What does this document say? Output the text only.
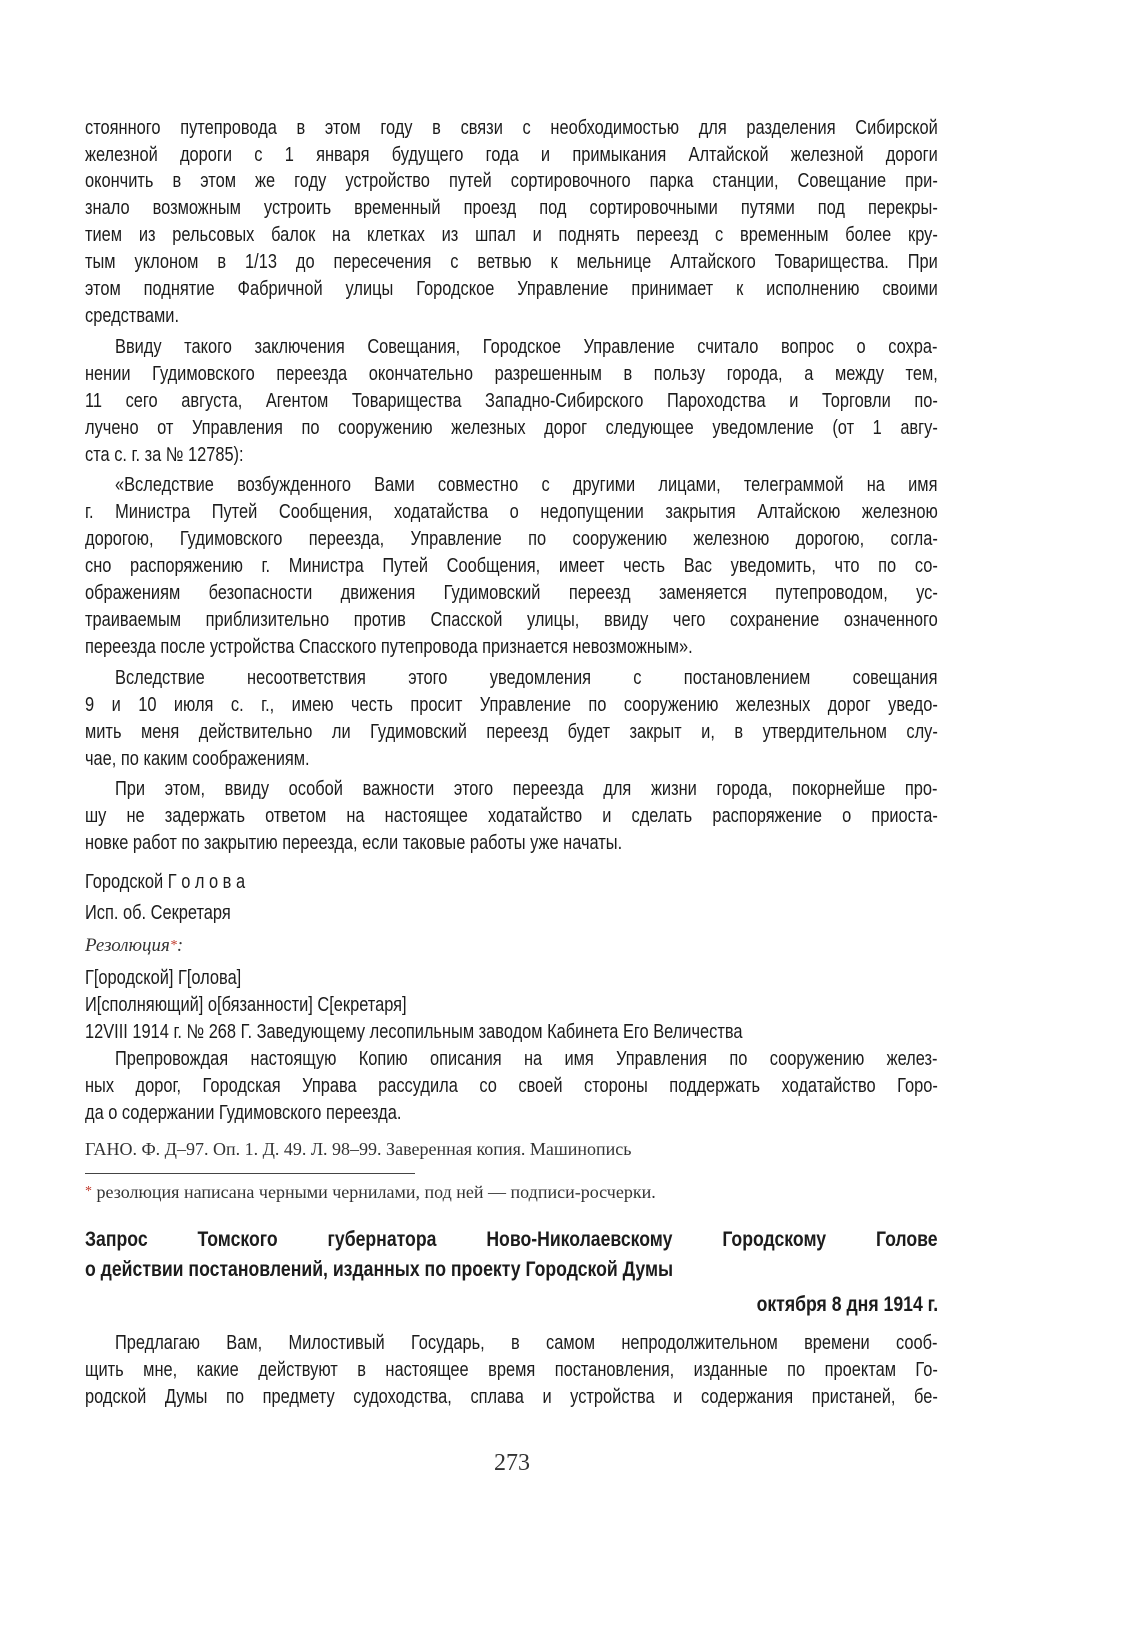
Резолюция*:
ГАНО. Ф. Д–97. Оп. 1. Д. 49. Л. 98–99. Заверенная копия. Машинопись
* резолюция написана черными чернилами, под ней — подписи-росчерки.
Запрос Томского губернатора Ново-Николаевскому Городскому Голове
о действии постановлений, изданных по проекту Городской Думы
октября 8 дня 1914 г.
273
стоянного путепровода в этом году в связи с необходимостью для разделения Сибирской
железной дороги с 1 января будущего года и примыкания Алтайской железной дороги
окончить в этом же году устройство путей сортировочного парка станции, Совещание при-
знало возможным устроить временный проезд под сортировочными путями под перекры-
тием из рельсовых балок на клетках из шпал и поднять переезд с временным более кру-
тым уклоном в 1/13 до пересечения с ветвью к мельнице Алтайского Товарищества. При
этом поднятие Фабричной улицы Городское Управление принимает к исполнению своими
средствами.
Ввиду такого заключения Совещания, Городское Управление считало вопрос о сохра-
нении Гудимовского переезда окончательно разрешенным в пользу города, а между тем,
11 сего августа, Агентом Товарищества Западно-Сибирского Пароходства и Торговли по-
лучено от Управления по сооружению железных дорог следующее уведомление (от 1 авгу-
ста с. г. за № 12785):
«Вследствие возбужденного Вами совместно с другими лицами, телеграммой на имя
г. Министра Путей Сообщения, ходатайства о недопущении закрытия Алтайскою железною
дорогою, Гудимовского переезда, Управление по сооружению железною дорогою, согла-
сно распоряжению г. Министра Путей Сообщения, имеет честь Вас уведомить, что по со-
ображениям безопасности движения Гудимовский переезд заменяется путепроводом, ус-
траиваемым приблизительно против Спасской улицы, ввиду чего сохранение означенного
переезда после устройства Спасского путепровода признается невозможным».
Вследствие несоответствия этого уведомления с постановлением совещания
9 и 10 июля с. г., имею честь просит Управление по сооружению железных дорог уведо-
мить меня действительно ли Гудимовский переезд будет закрыт и, в утвердительном слу-
чае, по каким соображениям.
При этом, ввиду особой важности этого переезда для жизни города, покорнейше про-
шу не задержать ответом на настоящее ходатайство и сделать распоряжение о приоста-
новке работ по закрытию переезда, если таковые работы уже начаты.
Городской Г о л о в а
Исп. об. Секретаря
Г[ородской] Г[олова]
И[сполняющий] о[бязанности] С[екретаря]
12VIII 1914 г. № 268 Г. Заведующему лесопильным заводом Кабинета Его Величества
Препровождая настоящую Копию описания на имя Управления по сооружению желез-
ных дорог, Городская Управа рассудила со своей стороны поддержать ходатайство Горо-
да о содержании Гудимовского переезда.
Предлагаю Вам, Милостивый Государь, в самом непродолжительном времени сооб-
щить мне, какие действуют в настоящее время постановления, изданные по проектам Го-
родской Думы по предмету судоходства, сплава и устройства и содержания пристаней, бе-
